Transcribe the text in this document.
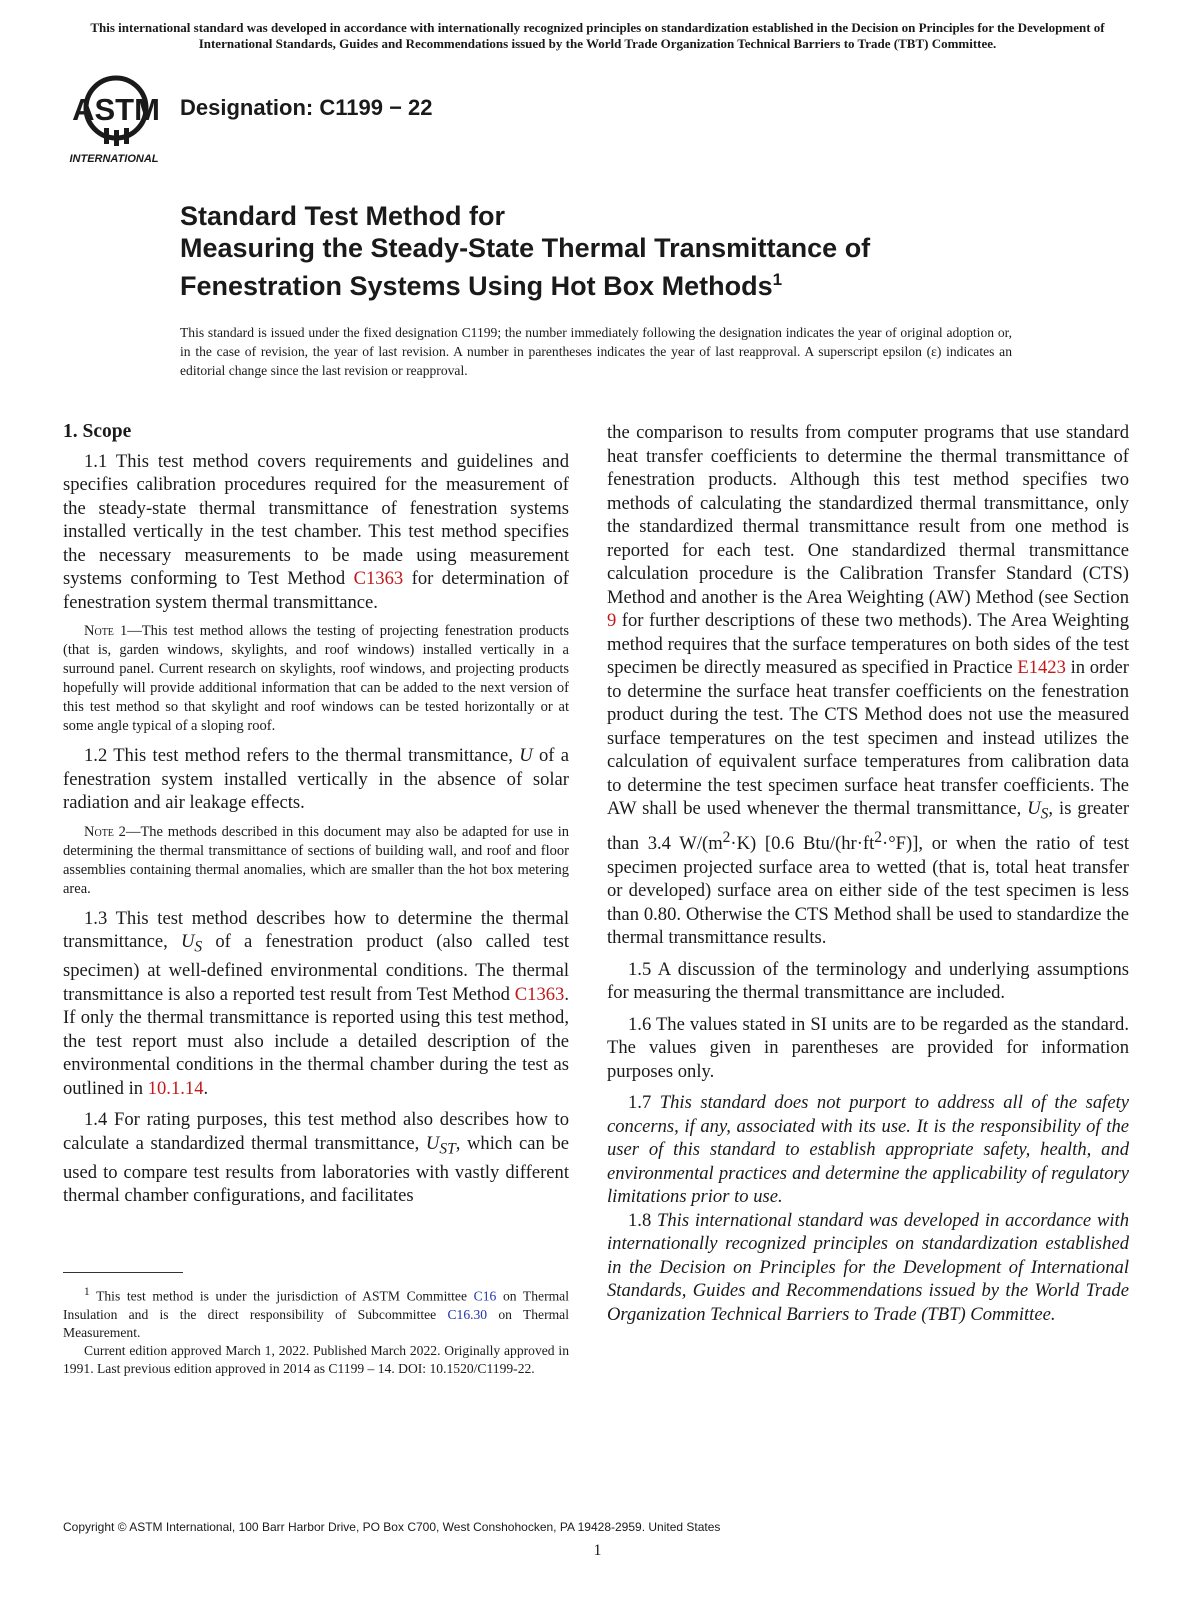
This international standard was developed in accordance with internationally recognized principles on standardization established in the Decision on Principles for the Development of International Standards, Guides and Recommendations issued by the World Trade Organization Technical Barriers to Trade (TBT) Committee.
ASTM
INTERNATIONAL
Designation: C1199 − 22
Standard Test Method for
Measuring the Steady-State Thermal Transmittance of
Fenestration Systems Using Hot Box Methods$^1$
This standard is issued under the fixed designation C1199; the number immediately following the designation indicates the year of original adoption or, in the case of revision, the year of last revision. A number in parentheses indicates the year of last reapproval. A superscript epsilon (ε) indicates an editorial change since the last revision or reapproval.
1. Scope

1.1 This test method covers requirements and guidelines and specifies calibration procedures required for the measurement of the steady-state thermal transmittance of fenestration systems installed vertically in the test chamber. This test method specifies the necessary measurements to be made using measurement systems conforming to Test Method C1363 for determination of fenestration system thermal transmittance.

Note 1—This test method allows the testing of projecting fenestration products (that is, garden windows, skylights, and roof windows) installed vertically in a surround panel. Current research on skylights, roof windows, and projecting products hopefully will provide additional information that can be added to the next version of this test method so that skylight and roof windows can be tested horizontally or at some angle typical of a sloping roof.

1.2 This test method refers to the thermal transmittance, U of a fenestration system installed vertically in the absence of solar radiation and air leakage effects.

Note 2—The methods described in this document may also be adapted for use in determining the thermal transmittance of sections of building wall, and roof and floor assemblies containing thermal anomalies, which are smaller than the hot box metering area.

1.3 This test method describes how to determine the thermal transmittance, $U_S$ of a fenestration product (also called test specimen) at well-defined environmental conditions. The thermal transmittance is also a reported test result from Test Method C1363. If only the thermal transmittance is reported using this test method, the test report must also include a detailed description of the environmental conditions in the thermal chamber during the test as outlined in 10.1.14.

1.4 For rating purposes, this test method also describes how to calculate a standardized thermal transmittance, $U_{ST}$, which can be used to compare test results from laboratories with vastly different thermal chamber configurations, and facilitates

$^1$ This test method is under the jurisdiction of ASTM Committee C16 on Thermal Insulation and is the direct responsibility of Subcommittee C16.30 on Thermal Measurement.

Current edition approved March 1, 2022. Published March 2022. Originally approved in 1991. Last previous edition approved in 2014 as C1199 – 14. DOI: 10.1520/C1199-22.

the comparison to results from computer programs that use standard heat transfer coefficients to determine the thermal transmittance of fenestration products. Although this test method specifies two methods of calculating the standardized thermal transmittance, only the standardized thermal transmittance result from one method is reported for each test. One standardized thermal transmittance calculation procedure is the Calibration Transfer Standard (CTS) Method and another is the Area Weighting (AW) Method (see Section 9 for further descriptions of these two methods). The Area Weighting method requires that the surface temperatures on both sides of the test specimen be directly measured as specified in Practice E1423 in order to determine the surface heat transfer coefficients on the fenestration product during the test. The CTS Method does not use the measured surface temperatures on the test specimen and instead utilizes the calculation of equivalent surface temperatures from calibration data to determine the test specimen surface heat transfer coefficients. The AW shall be used whenever the thermal transmittance, $U_S$, is greater than 3.4 $W/(m^2\cdot K)$ [0.6 Btu/$(hr\cdot ft^2\cdot^\circ F)$], or when the ratio of test specimen projected surface area to wetted (that is, total heat transfer or developed) surface area on either side of the test specimen is less than 0.80. Otherwise the CTS Method shall be used to standardize the thermal transmittance results.

1.5 A discussion of the terminology and underlying assumptions for measuring the thermal transmittance are included.

1.6 The values stated in SI units are to be regarded as the standard. The values given in parentheses are provided for information purposes only.

1.7 This standard does not purport to address all of the safety concerns, if any, associated with its use. It is the responsibility of the user of this standard to establish appropriate safety, health, and environmental practices and determine the applicability of regulatory limitations prior to use.

1.8 This international standard was developed in accordance with internationally recognized principles on standardization established in the Decision on Principles for the Development of International Standards, Guides and Recommendations issued by the World Trade Organization Technical Barriers to Trade (TBT) Committee.

Copyright © ASTM International, 100 Barr Harbor Drive, PO Box C700, West Conshohocken, PA 19428-2959. United States
1
